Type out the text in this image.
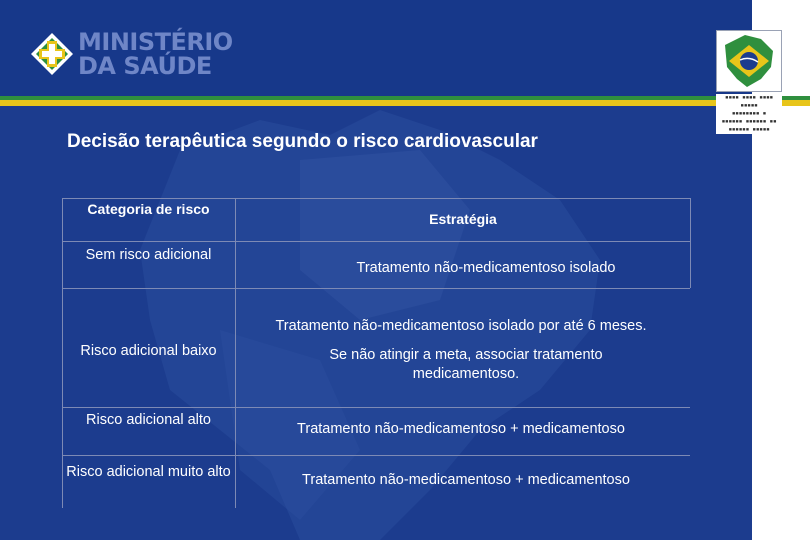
MINISTÉRIO
DA SAÚDE
Decisão terapêutica segundo o risco cardiovascular
Categoria de risco
Estratégia
Sem risco adicional
Tratamento não-medicamentoso isolado
Risco adicional baixo
Tratamento não-medicamentoso isolado por até 6 meses.
Se não atingir a meta, associar tratamento medicamentoso.
Risco adicional alto
Tratamento não-medicamentoso + medicamentoso
Risco adicional muito alto	Tratamento não-medicamentoso + medicamentoso
▪▪▪▪ ▪▪▪▪ ▪▪▪▪ ▪▪▪▪▪
▪▪▪▪▪▪▪▪ ▪
▪▪▪▪▪▪ ▪▪▪▪▪▪ ▪▪
▪▪▪▪▪▪ ▪▪▪▪▪
